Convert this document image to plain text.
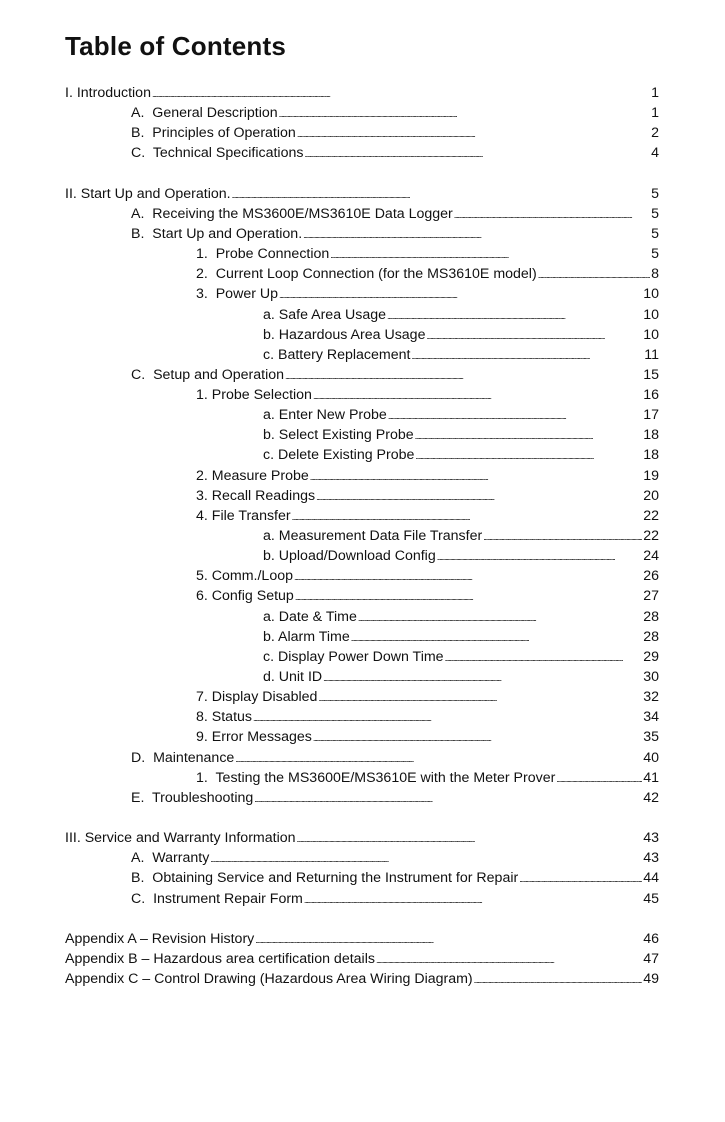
Table of Contents
I. Introduction . . .	1
A.  General Description . . .	1
B.  Principles of Operation . . .	2
C.  Technical Specifications . . .	4
II. Start Up and Operation. . . .	5
A.  Receiving the MS3600E/MS3610E Data Logger . . .	5
B.  Start Up and Operation. . . .	5
1.  Probe Connection . . .	5
2.  Current Loop Connection (for the MS3610E model) . . .	8
3.  Power Up . . .	10
a. Safe Area Usage . . .	10
b. Hazardous Area Usage . . .	10
c. Battery Replacement . . .	11
C.  Setup and Operation . . .	15
1. Probe Selection . . .	16
a. Enter New Probe . . .	17
b. Select Existing Probe . . .	18
c. Delete Existing Probe . . .	18
2. Measure Probe . . .	19
3. Recall Readings . . .	20
4. File Transfer . . .	22
a. Measurement Data File Transfer . . .	22
b. Upload/Download Config . . .	24
5. Comm./Loop . . .	26
6. Config Setup . . .	27
a. Date & Time . . .	28
b. Alarm Time . . .	28
c. Display Power Down Time . . .	29
d. Unit ID . . .	30
7. Display Disabled . . .	32
8. Status . . .	34
9. Error Messages . . .	35
D.  Maintenance . . .	40
1.  Testing the MS3600E/MS3610E with the Meter Prover . . .	41
E.  Troubleshooting . . .	42
III. Service and Warranty Information . . .	43
A.  Warranty . . .	43
B.  Obtaining Service and Returning the Instrument for Repair . . .	44
C.  Instrument Repair Form . . .	45
Appendix A – Revision History . . .	46
Appendix B – Hazardous area certification details . . .	47
Appendix C – Control Drawing (Hazardous Area Wiring Diagram) . . .	49
